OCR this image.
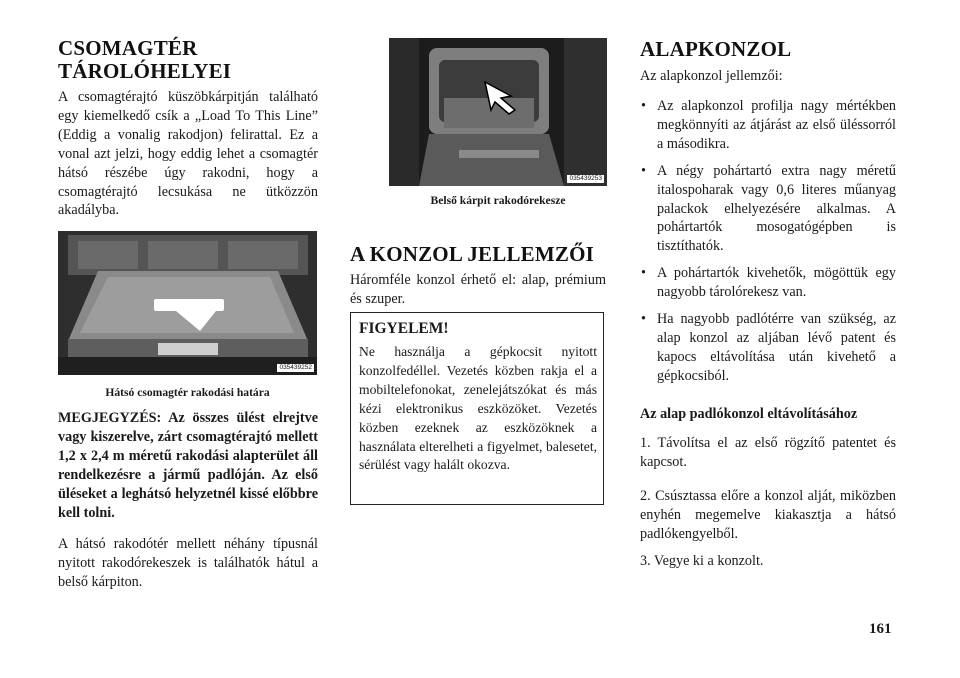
CSOMAGTÉR
TÁROLÓHELYEI

A csomagtérajtó küszöbkárpitján található egy kiemelkedő csík a „Load To This Line” (Eddig a vonalig rakodjon) felirattal. Ez a vonal azt jelzi, hogy eddig lehet a csomagtér hátsó részébe úgy rakodni, hogy a csomagtérajtó lecsukása ne ütközzön akadályba.

035439252
Hátsó csomagtér rakodási határa

MEGJEGYZÉS: Az összes ülést elrejtve vagy kiszerelve, zárt csomagtérajtó mellett 1,2 x 2,4 m méretű rakodási alapterület áll rendelkezésre a jármű padlóján. Az első üléseket a leghátsó helyzetnél kissé előbbre kell tolni.

A hátsó rakodótér mellett néhány típusnál nyitott rakodórekeszek is találhatók hátul a belső kárpiton.

035439253
Belső kárpit rakodórekesze
A KONZOL JELLEMZŐI

Háromféle konzol érhető el: alap, prémium és szuper.

FIGYELEM!

Ne használja a gépkocsit nyitott konzolfedéllel. Vezetés közben rakja el a mobiltelefonokat, zenelejátszókat és más kézi elektronikus eszközöket. Vezetés közben ezeknek az eszközöknek a használata elterelheti a figyelmet, balesetet, sérülést vagy halált okozva.

ALAPKONZOL

Az alapkonzol jellemzői:

• Az alapkonzol profilja nagy mértékben megkönnyíti az átjárást az első üléssorról a másodikra.
• A négy pohártartó extra nagy méretű italospoharak vagy 0,6 literes műanyag palackok elhelyezésére alkalmas. A pohártartók mosogatógépben is tisztíthatók.
• A pohártartók kivehetők, mögöttük egy nagyobb tárolórekesz van.
• Ha nagyobb padlótérre van szükség, az alap konzol az aljában lévő patent és kapocs eltávolítása után kivehető a gépkocsiból.

Az alap padlókonzol eltávolításához

1. Távolítsa el az első rögzítő patentet és kapcsot.

2. Csúsztassa előre a konzol alját, miközben enyhén megemelve kiakasztja a hátsó padlókengyelből.

3. Vegye ki a konzolt.

161
